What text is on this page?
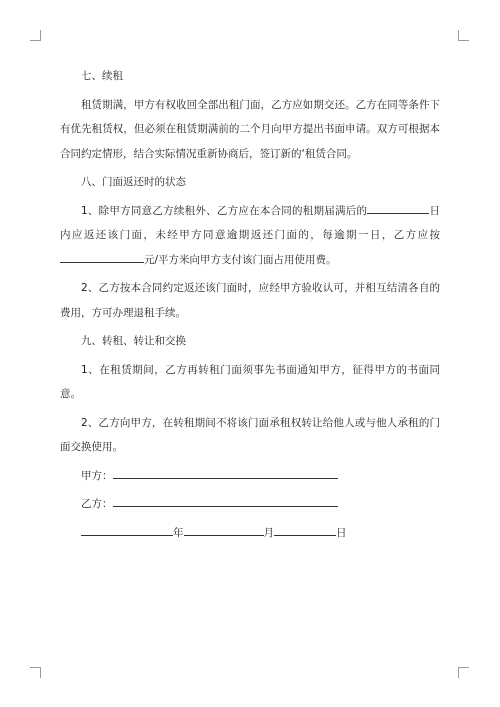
七、续租

租赁期满，甲方有权收回全部出租门面，乙方应如期交还。乙方在同等条件下有优先租赁权，但必须在租赁期满前的二个月向甲方提出书面申请。双方可根据本合同约定情形，结合实际情况重新协商后，签订新的‘租赁合同。

八、门面返还时的状态

1、除甲方同意乙方续租外、乙方应在本合同的租期届满后的	日内应返还该门面，未经甲方同意逾期返还门面的，每逾期一日，乙方应按元/平方米向甲方支付该门面占用使用费。

2、乙方按本合同约定返还该门面时，应经甲方验收认可，并相互结清各自的费用，方可办理退租手续。

九、转租、转让和交换

1、在租赁期间，乙方再转租门面须事先书面通知甲方，征得甲方的书面同意。

2、乙方向甲方，在转租期间不将该门面承租权转让给他人或与他人承租的门面交换使用。

甲方：

乙方：

年	月	日
